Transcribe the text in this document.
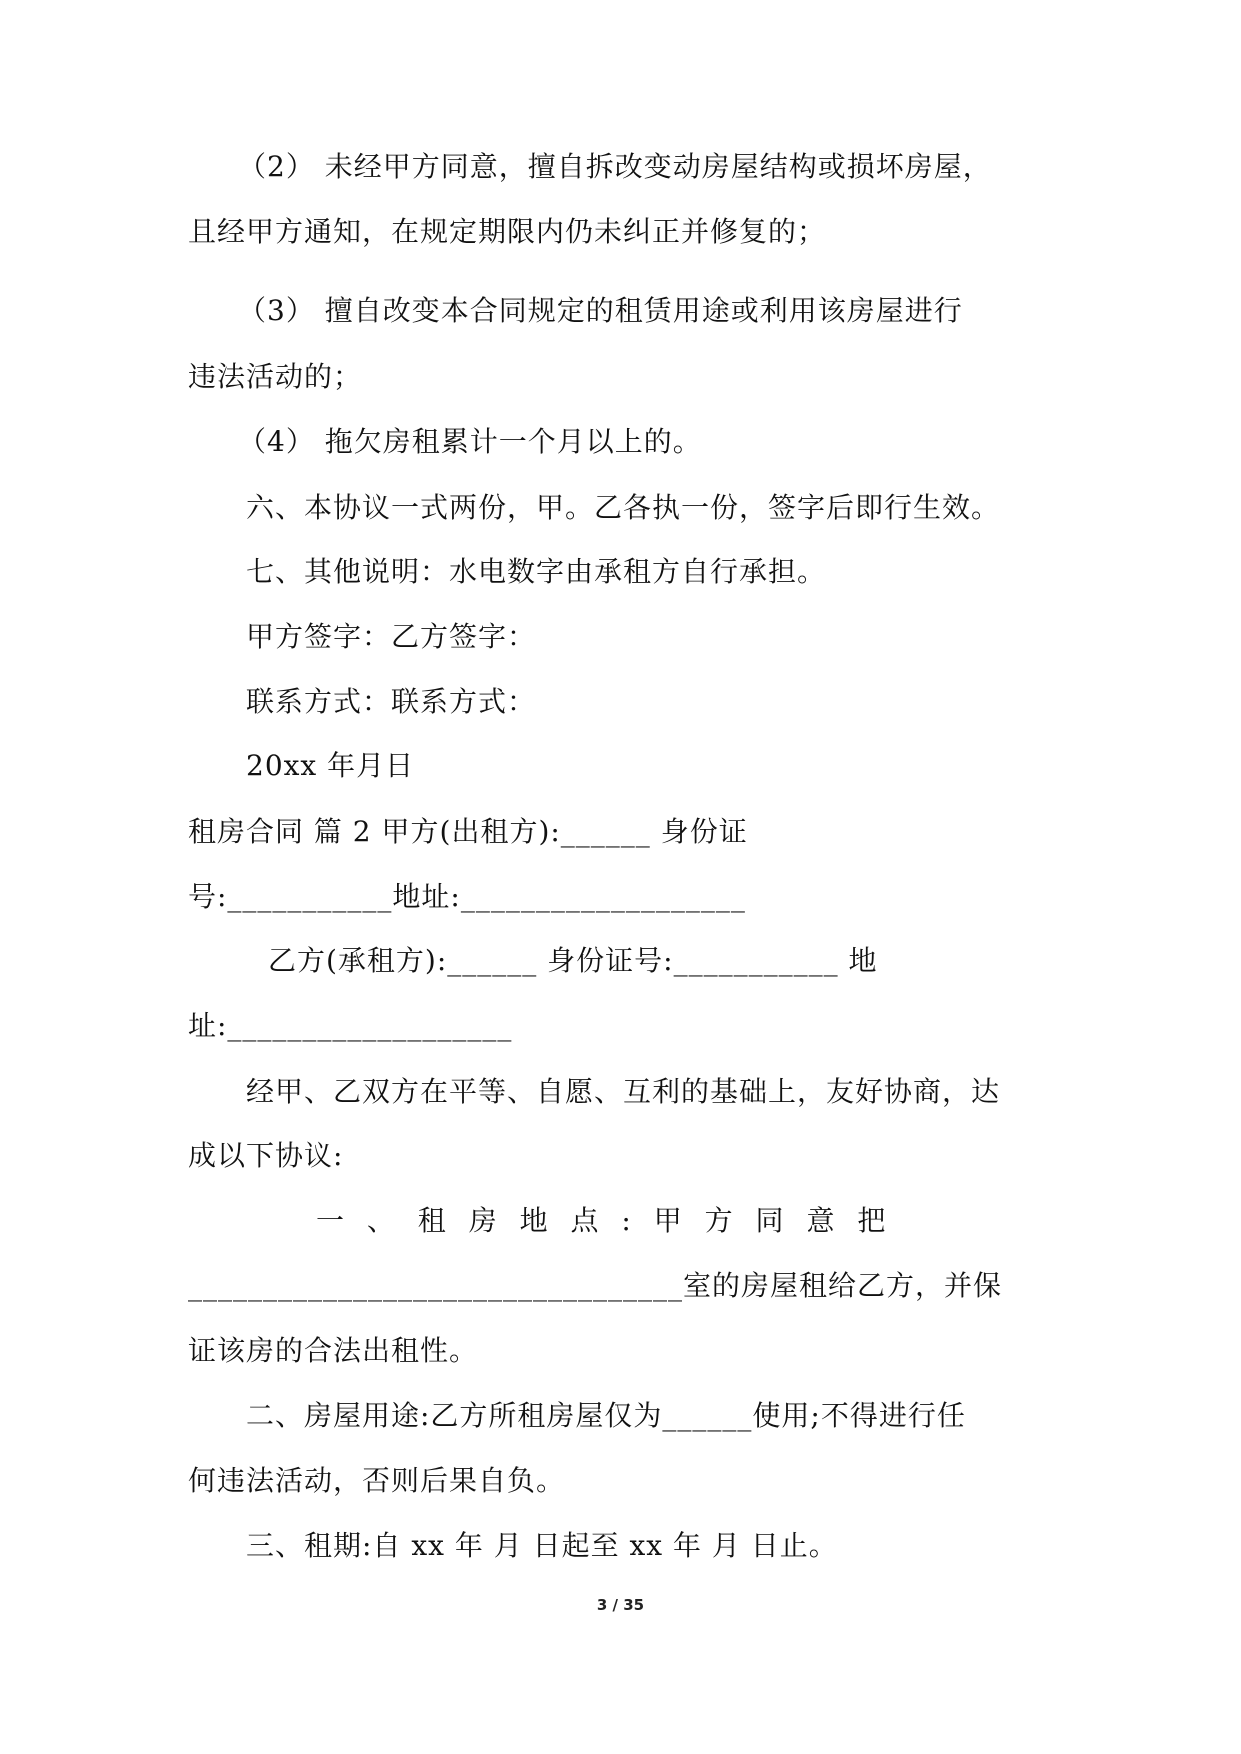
（2） 未经甲方同意，擅自拆改变动房屋结构或损坏房屋，
且经甲方通知，在规定期限内仍未纠正并修复的；
（3） 擅自改变本合同规定的租赁用途或利用该房屋进行
违法活动的；
（4） 拖欠房租累计一个月以上的。
六、本协议一式两份，甲。乙各执一份，签字后即行生效。
七、其他说明：水电数字由承租方自行承担。
甲方签字：乙方签字：
联系方式：联系方式：
20xx 年月日
租房合同 篇 2 甲方(出租方):______ 身份证
号:___________地址:___________________
乙方(承租方):______ 身份证号:___________ 地
址:___________________
经甲、乙双方在平等、自愿、互利的基础上，友好协商，达
成以下协议:
一 、 租 房 地 点 : 甲 方 同 意 把
_________________________________室的房屋租给乙方，并保
证该房的合法出租性。
二、房屋用途:乙方所租房屋仅为______使用;不得进行任
何违法活动，否则后果自负。
三、租期:自 xx 年 月 日起至 xx 年 月 日止。
3 / 35
